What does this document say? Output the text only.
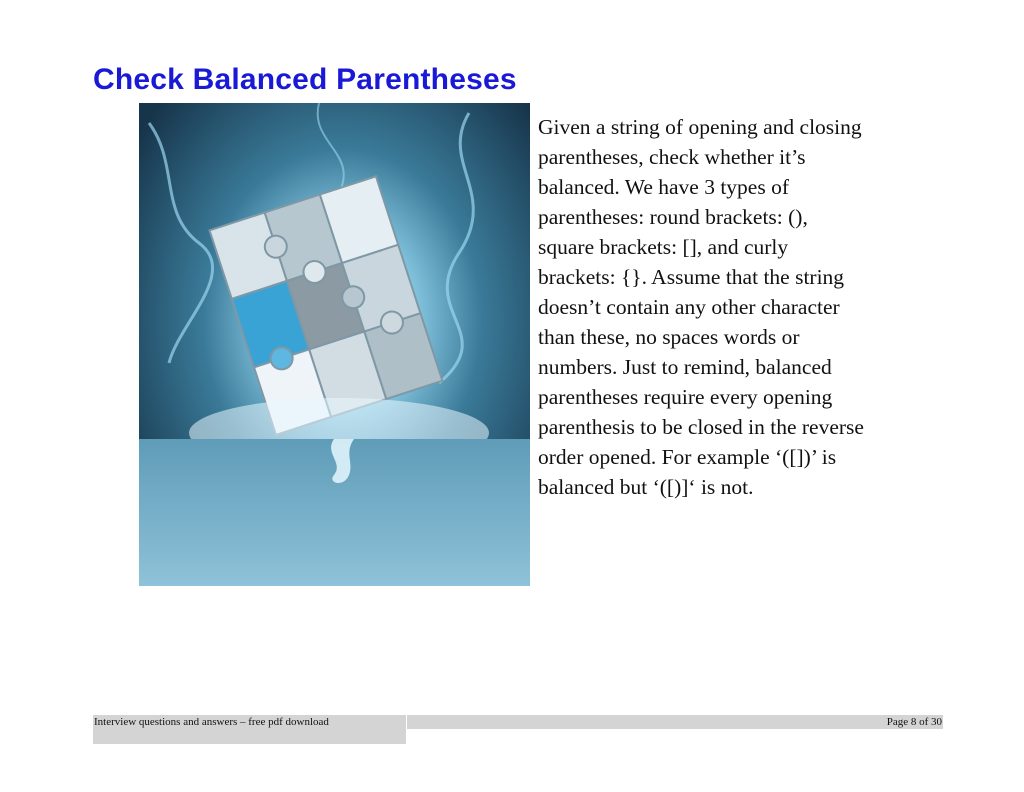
Check Balanced Parentheses
Given a string of opening and closing
parentheses, check whether it’s
balanced. We have 3 types of
parentheses: round brackets: (),
square brackets: [], and curly
brackets: {}. Assume that the string
doesn’t contain any other character
than these, no spaces words or
numbers. Just to remind, balanced
parentheses require every opening
parenthesis to be closed in the reverse
order opened. For example ‘([])’ is
balanced but ‘([)]‘ is not.
Interview questions and answers – free pdf download	Page 8 of 30
